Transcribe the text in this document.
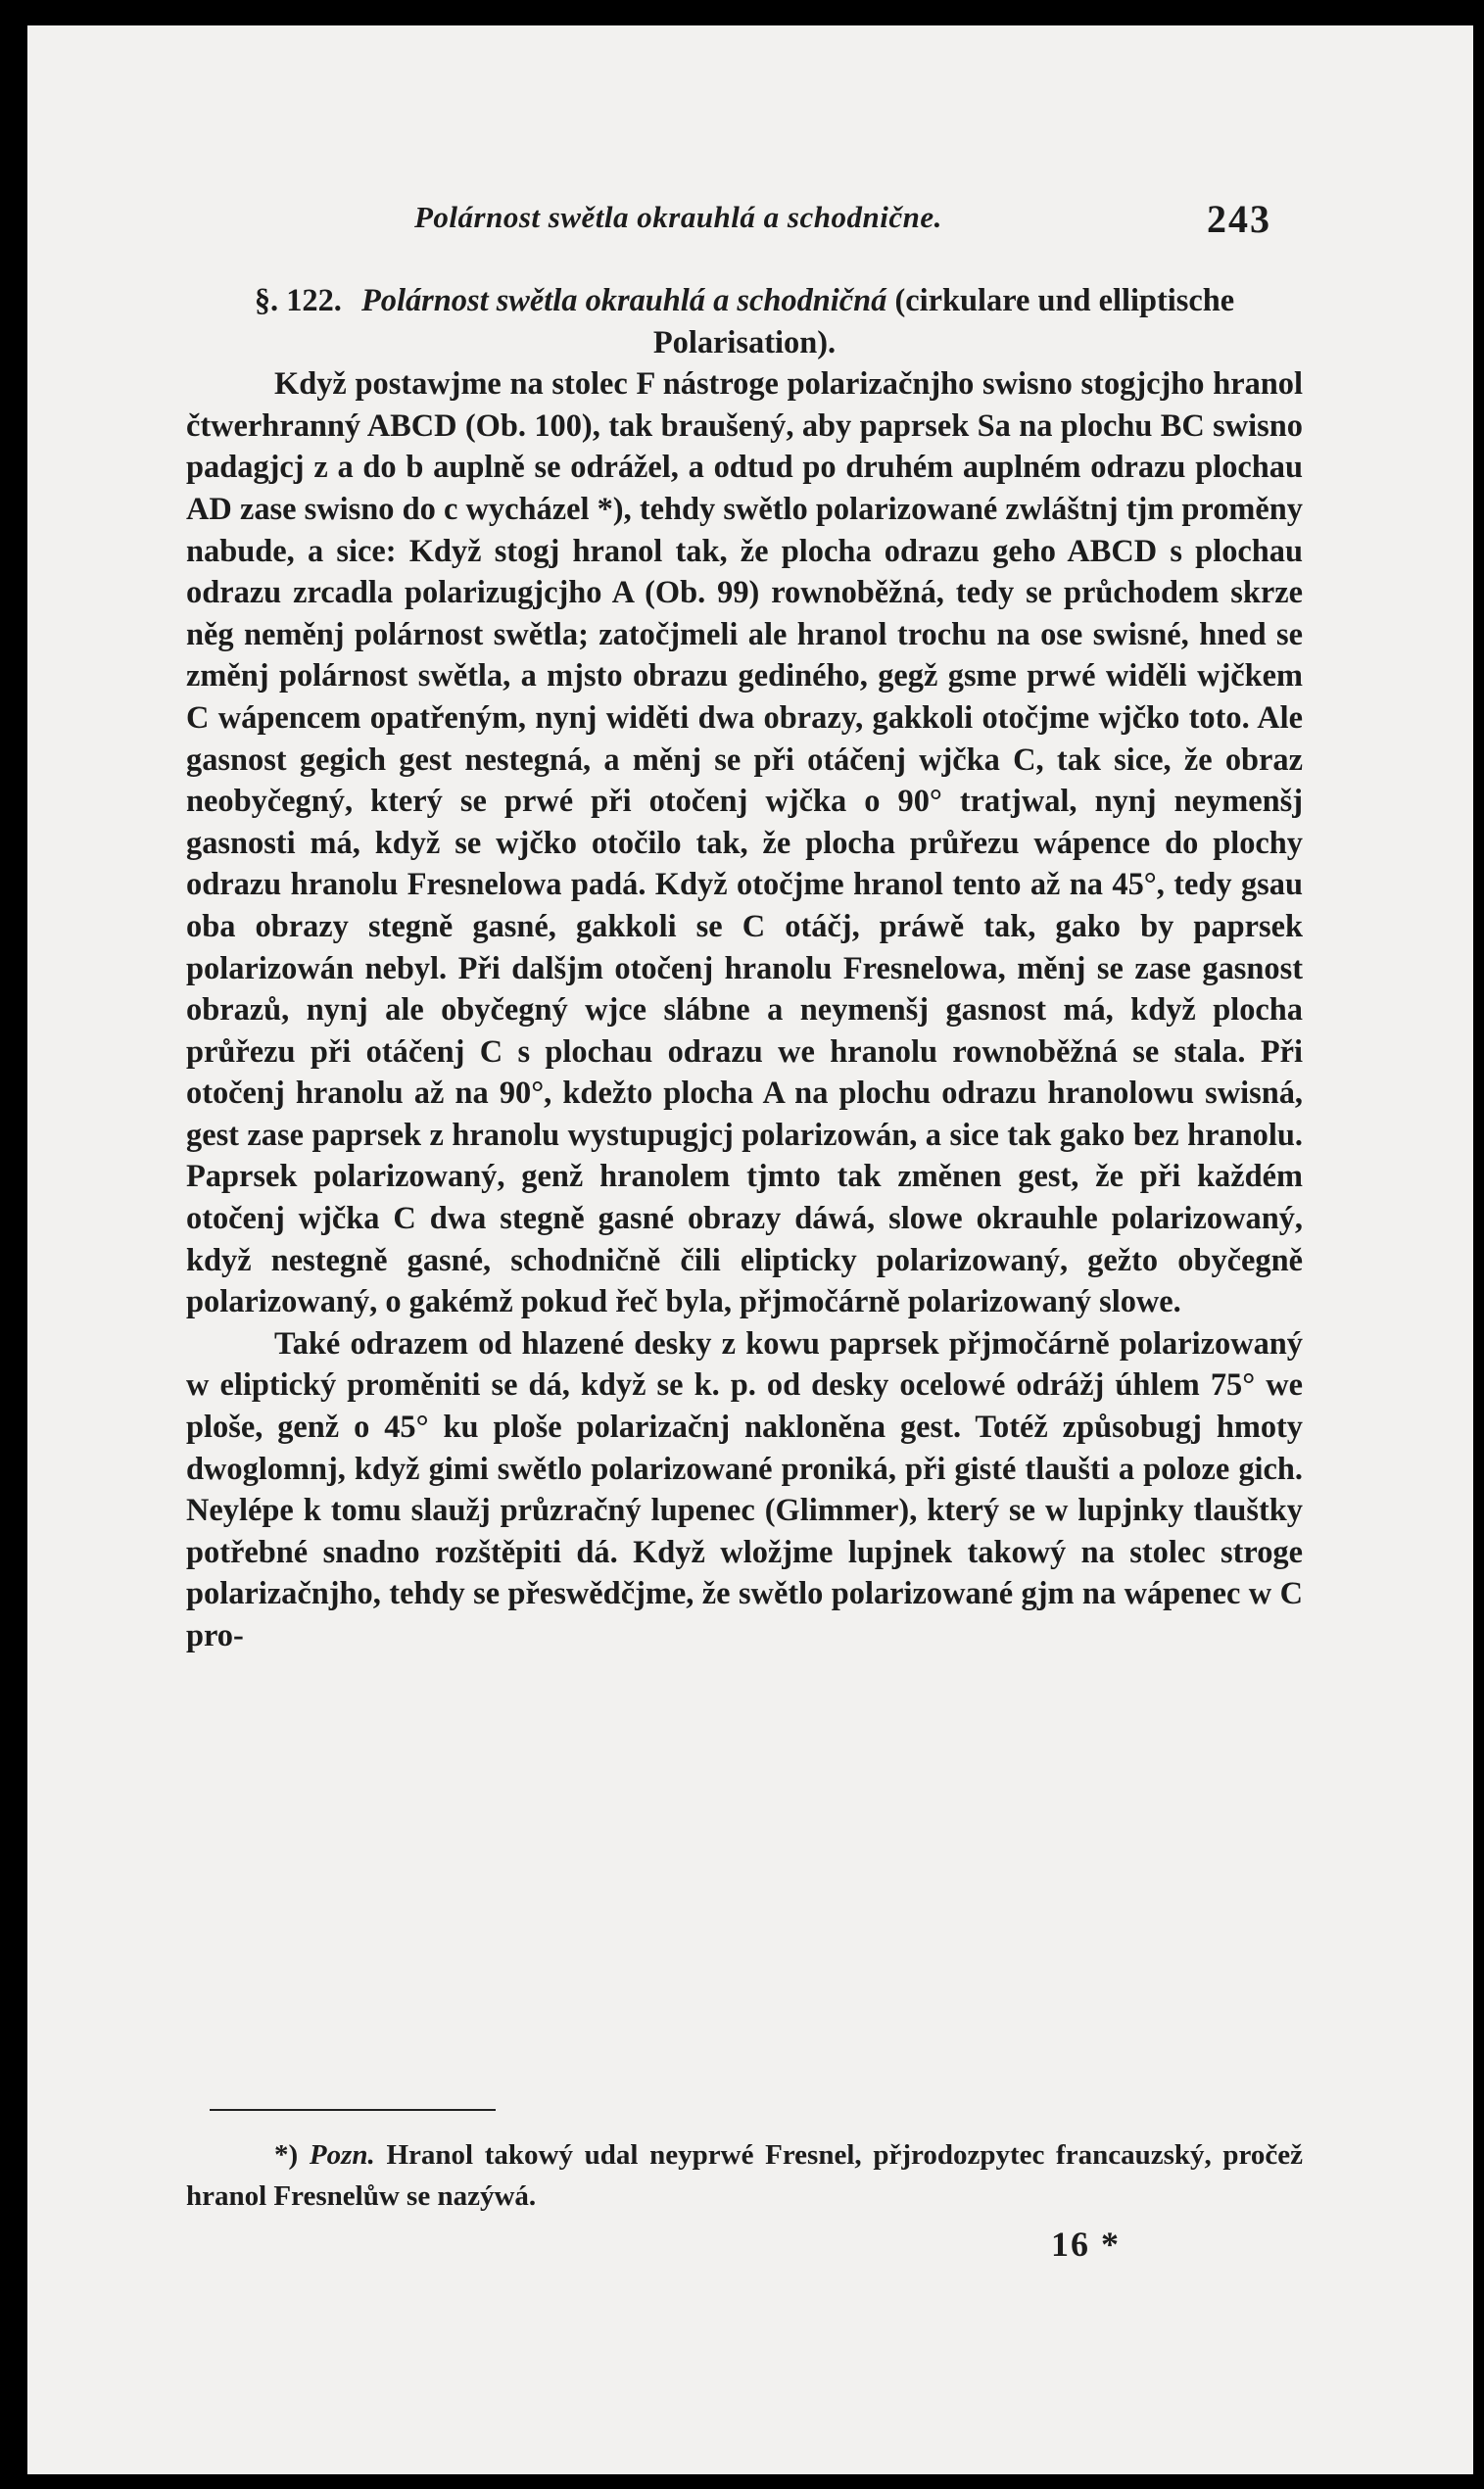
Polárnost swětla okrauhlá a schodnične.	243

§. 122. Polárnost swětla okrauhlá a schodničná (cirkulare und elliptische Polarisation).

Když postawjme na stolec F nástroge polarizačnjho swisno stogjcjho hranol čtwerhranný ABCD (Ob. 100), tak braušený, aby paprsek Sa na plochu BC swisno padagjcj z a do b auplně se odrážel, a odtud po druhém auplném odrazu plochau AD zase swisno do c wycházel *), tehdy swětlo polarizowané zwláštnj tjm proměny nabude, a sice: Když stogj hranol tak, že plocha odrazu geho ABCD s plochau odrazu zrcadla polarizugjcjho A (Ob. 99) rownoběžná, tedy se průchodem skrze něg neměnj polárnost swětla; zatočjmeli ale hranol trochu na ose swisné, hned se změnj polárnost swětla, a mjsto obrazu gediného, gegž gsme prwé widěli wjčkem C wápencem opatřeným, nynj widěti dwa obrazy, gakkoli otočjme wjčko toto. Ale gasnost gegich gest nestegná, a měnj se při otáčenj wjčka C, tak sice, že obraz neobyčegný, který se prwé při otočenj wjčka o 90° tratjwal, nynj neymenšj gasnosti má, když se wjčko otočilo tak, že plocha průřezu wápence do plochy odrazu hranolu Fresnelowa padá. Když otočjme hranol tento až na 45°, tedy gsau oba obrazy stegně gasné, gakkoli se C otáčj, práwě tak, gako by paprsek polarizowán nebyl. Při dalšjm otočenj hranolu Fresnelowa, měnj se zase gasnost obrazů, nynj ale obyčegný wjce slábne a neymenšj gasnost má, když plocha průřezu při otáčenj C s plochau odrazu we hranolu rownoběžná se stala. Při otočenj hranolu až na 90°, kdežto plocha A na plochu odrazu hranolowu swisná, gest zase paprsek z hranolu wystupugjcj polarizowán, a sice tak gako bez hranolu. Paprsek polarizowaný, genž hranolem tjmto tak změnen gest, že při každém otočenj wjčka C dwa stegně gasné obrazy dáwá, slowe okrauhle polarizowaný, když nestegně gasné, schodničně čili elipticky polarizowaný, gežto obyčegně polarizowaný, o gakémž pokud řeč byla, přjmočárně polarizowaný slowe.

Také odrazem od hlazené desky z kowu paprsek přjmočárně polarizowaný w eliptický proměniti se dá, když se k. p. od desky ocelowé odrážj úhlem 75° we ploše, genž o 45° ku ploše polarizačnj nakloněna gest. Totéž způsobugj hmoty dwoglomnj, když gimi swětlo polarizowané proniká, při gisté tlaušti a poloze gich. Neylépe k tomu slaužj průzračný lupenec (Glimmer), který se w lupjnky tlauštky potřebné snadno rozštěpiti dá. Když wložjme lupjnek takowý na stolec stroge polarizačnjho, tehdy se přeswědčjme, že swětlo polarizowané gjm na wápenec w C pro-

*) Pozn. Hranol takowý udal neyprwé Fresnel, přjrodozpytec francauzský, pročež hranol Fresnelůw se nazýwá.

16 *
